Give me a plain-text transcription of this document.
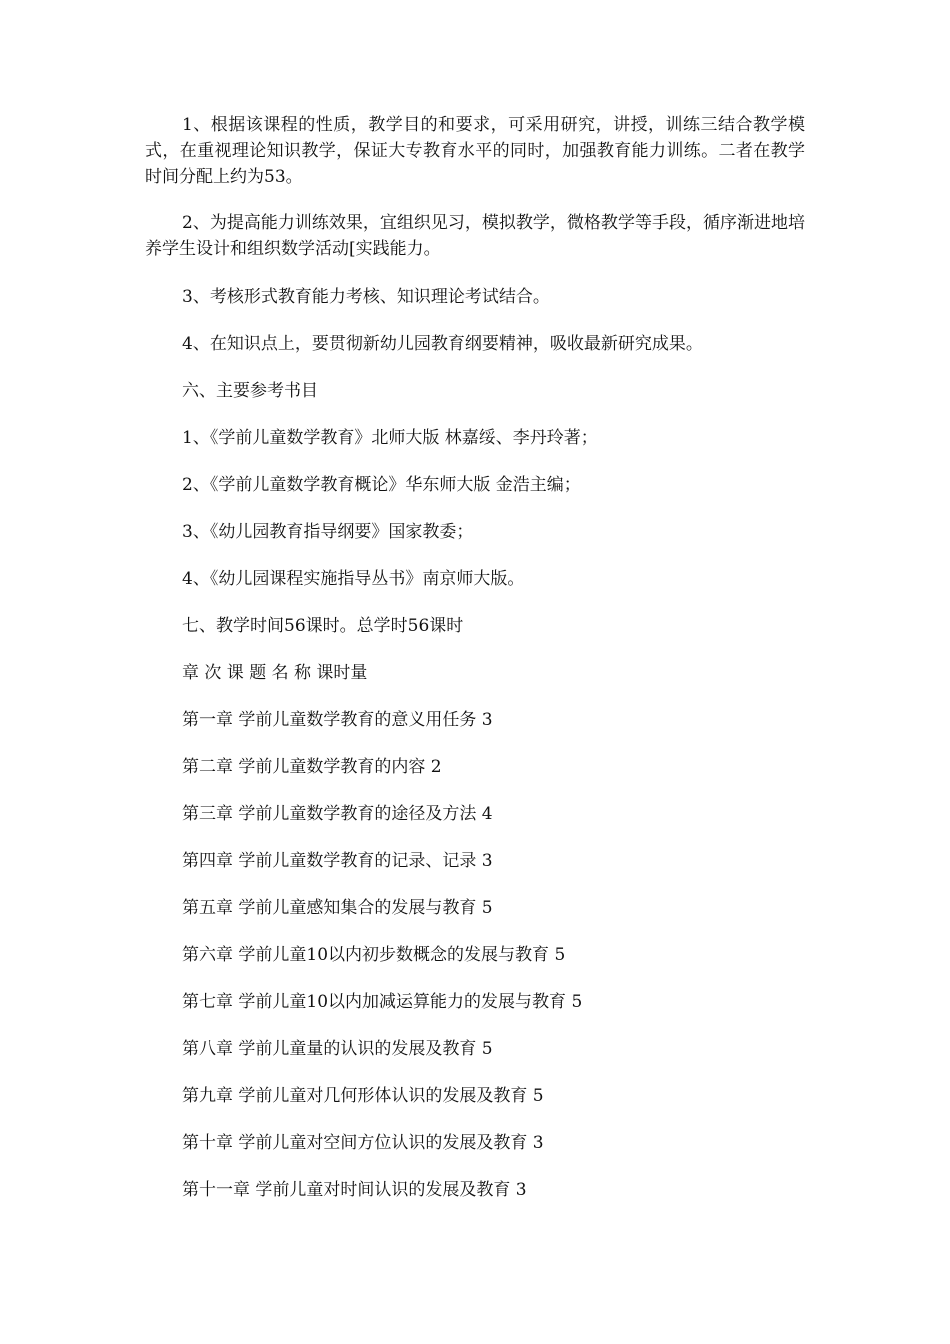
1、根据该课程的性质，教学目的和要求，可采用研究，讲授，训练三结合教学模式，在重视理论知识教学，保证大专教育水平的同时，加强教育能力训练。二者在教学时间分配上约为53。

2、为提高能力训练效果，宜组织见习，模拟教学，微格教学等手段，循序渐进地培养学生设计和组织数学活动[实践能力。

3、考核形式教育能力考核、知识理论考试结合。

4、在知识点上，要贯彻新幼儿园教育纲要精神，吸收最新研究成果。

六、主要参考书目

1、《学前儿童数学教育》北师大版 林嘉绥、李丹玲著；

2、《学前儿童数学教育概论》华东师大版 金浩主编；

3、《幼儿园教育指导纲要》国家教委；

4、《幼儿园课程实施指导丛书》南京师大版。

七、教学时间56课时。总学时56课时

章 次 课 题 名 称 课时量

第一章 学前儿童数学教育的意义用任务 3

第二章 学前儿童数学教育的内容 2

第三章 学前儿童数学教育的途径及方法 4

第四章 学前儿童数学教育的记录、记录 3

第五章 学前儿童感知集合的发展与教育 5

第六章 学前儿童10以内初步数概念的发展与教育 5

第七章 学前儿童10以内加减运算能力的发展与教育 5

第八章 学前儿童量的认识的发展及教育 5

第九章 学前儿童对几何形体认识的发展及教育 5

第十章 学前儿童对空间方位认识的发展及教育 3

第十一章 学前儿童对时间认识的发展及教育 3
